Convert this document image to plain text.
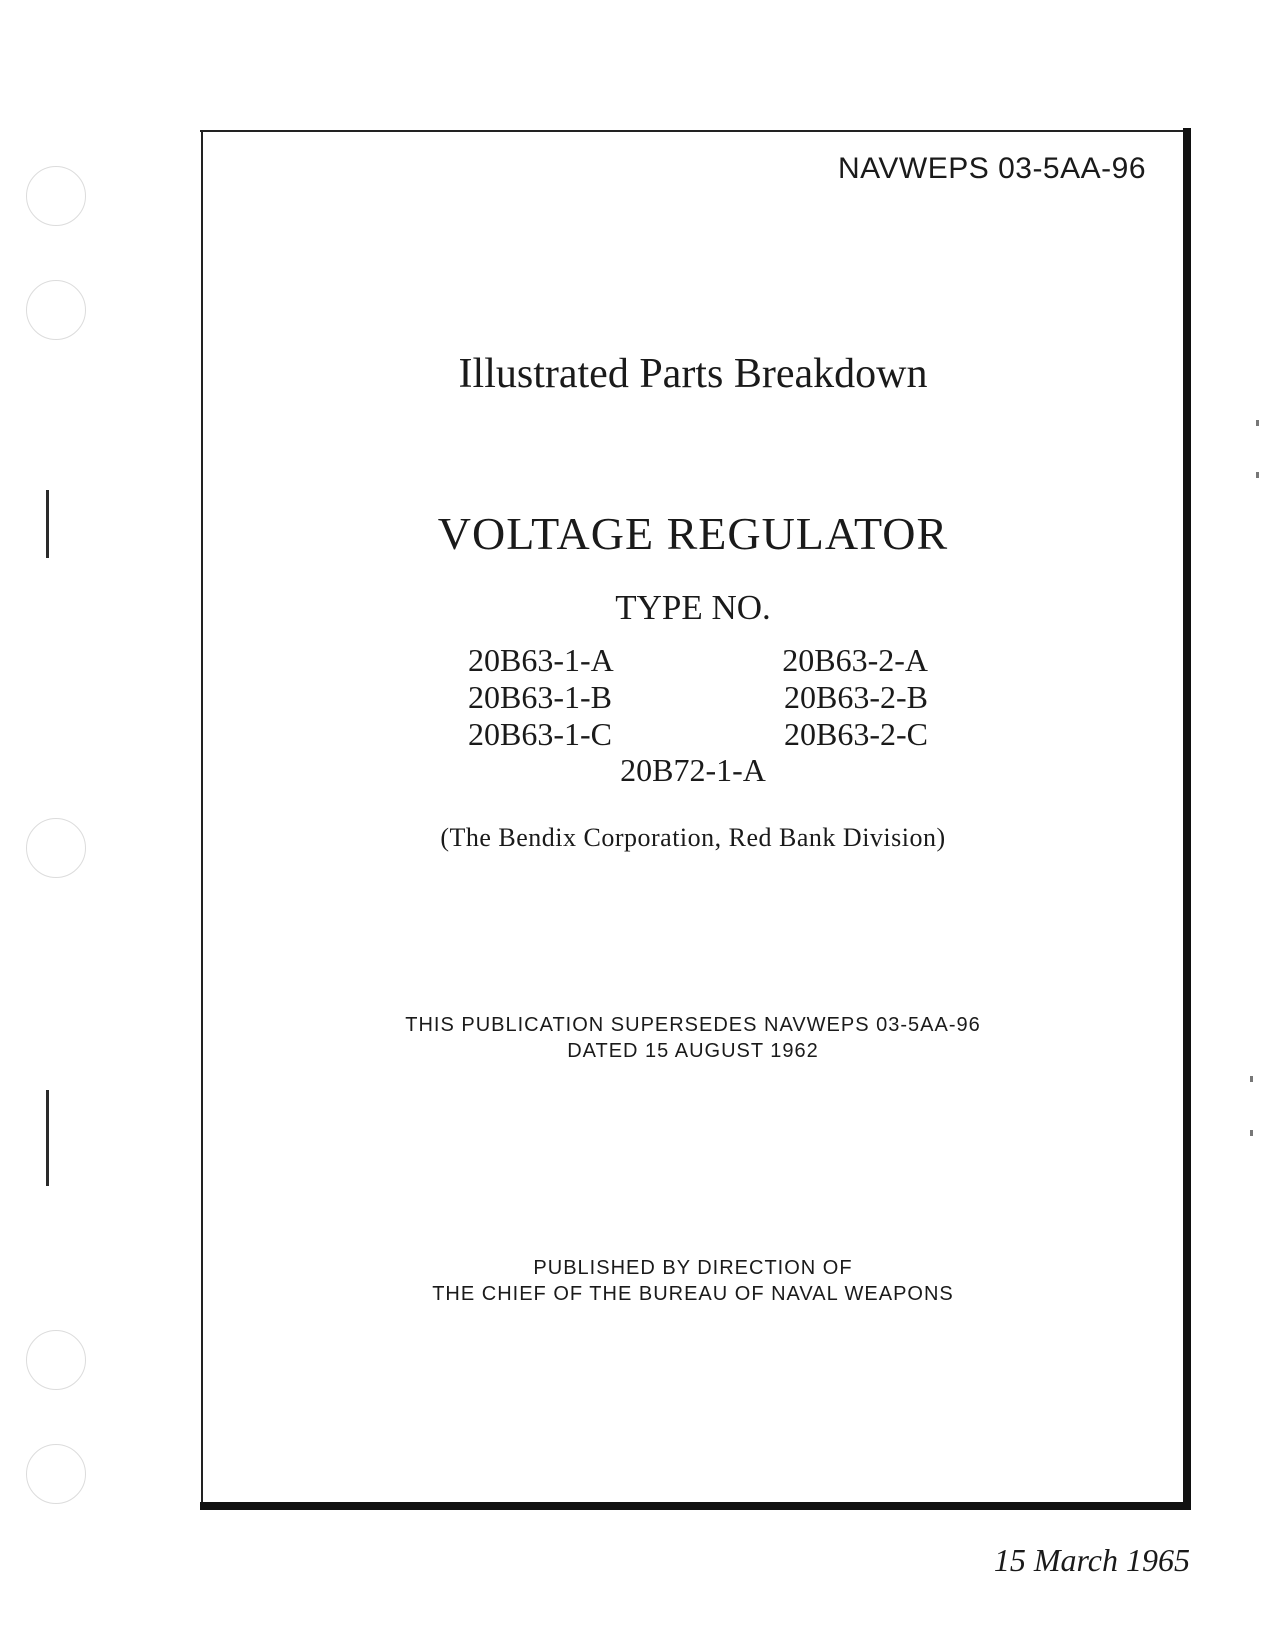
NAVWEPS 03-5AA-96
Illustrated Parts Breakdown
VOLTAGE REGULATOR
TYPE NO.
20B63-1-A	20B63-2-A
20B63-1-B	20B63-2-B
20B63-1-C	20B63-2-C
20B72-1-A
(The Bendix Corporation, Red Bank Division)
THIS PUBLICATION SUPERSEDES NAVWEPS 03-5AA-96
DATED 15 AUGUST 1962
PUBLISHED BY DIRECTION OF
THE CHIEF OF THE BUREAU OF NAVAL WEAPONS
15 March 1965
